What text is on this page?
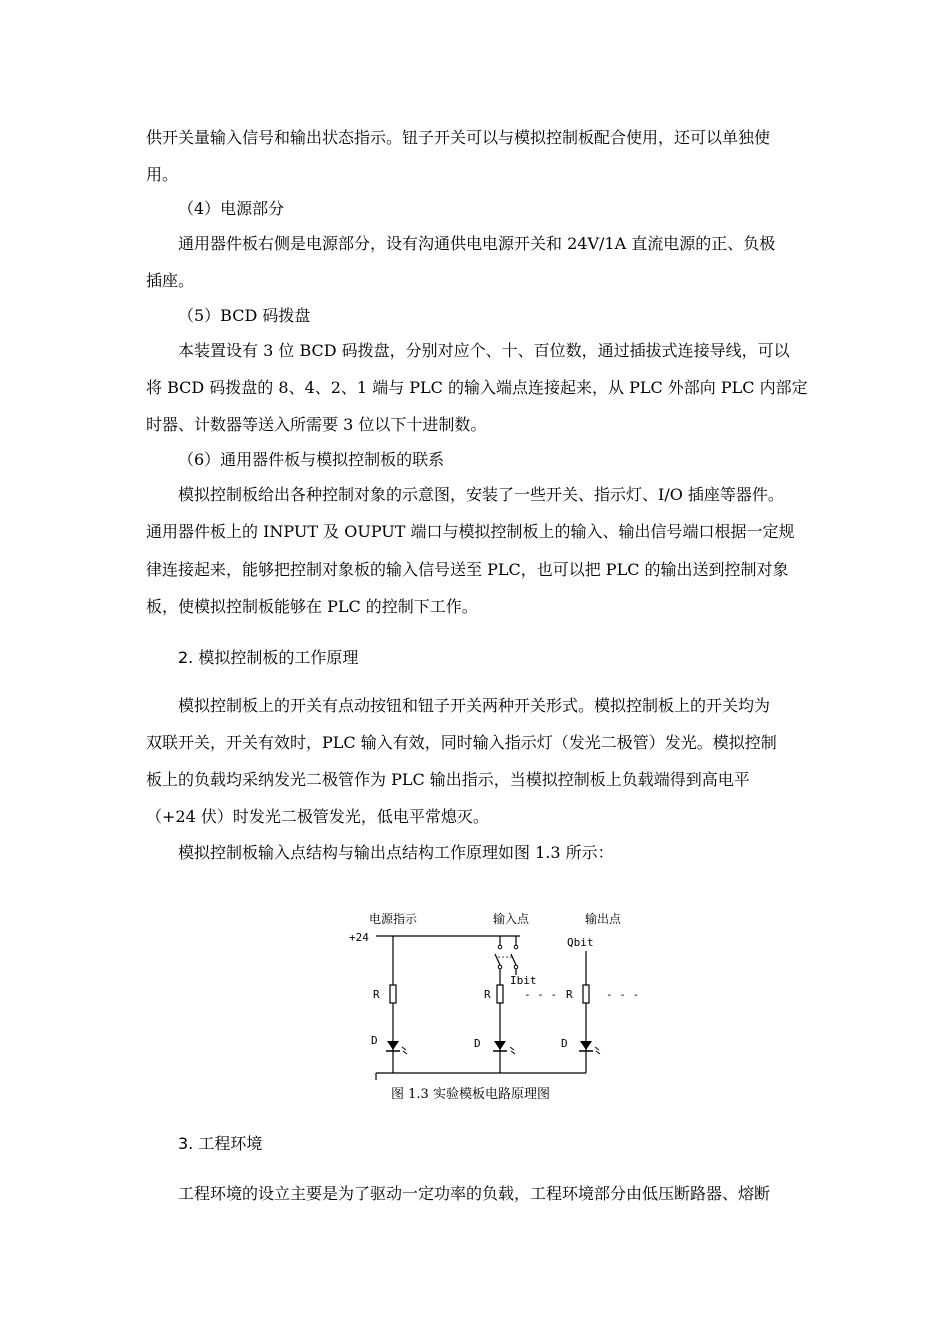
供开关量输入信号和输出状态指示。钮子开关可以与模拟控制板配合使用，还可以单独使
用。
（4）电源部分
通用器件板右侧是电源部分，设有沟通供电电源开关和 24V/1A 直流电源的正、负极
插座。
（5）BCD 码拨盘
本装置设有 3 位 BCD 码拨盘，分别对应个、十、百位数，通过插拔式连接导线，可以
将 BCD 码拨盘的 8、4、2、1 端与 PLC 的输入端点连接起来，从 PLC 外部向 PLC 内部定
时器、计数器等送入所需要 3 位以下十进制数。
（6）通用器件板与模拟控制板的联系
模拟控制板给出各种控制对象的示意图，安装了一些开关、指示灯、I/O 插座等器件。
通用器件板上的 INPUT 及 OUPUT 端口与模拟控制板上的输入、输出信号端口根据一定规
律连接起来，能够把控制对象板的输入信号送至 PLC，也可以把 PLC 的输出送到控制对象
板，使模拟控制板能够在 PLC 的控制下工作。
2. 模拟控制板的工作原理
模拟控制板上的开关有点动按钮和钮子开关两种开关形式。模拟控制板上的开关均为
双联开关，开关有效时，PLC 输入有效，同时输入指示灯（发光二极管）发光。模拟控制
板上的负载均采纳发光二极管作为 PLC 输出指示，当模拟控制板上负载端得到高电平
（+24 伏）时发光二极管发光，低电平常熄灭。
模拟控制板输入点结构与输出点结构工作原理如图 1.3 所示：
电源指示	输入点	输出点
+24	Qbit
Ibit
R
D
R	- - -
D
R	- - -
D
图 1.3 实验模板电路原理图
3. 工程环境
工程环境的设立主要是为了驱动一定功率的负载，工程环境部分由低压断路器、熔断
